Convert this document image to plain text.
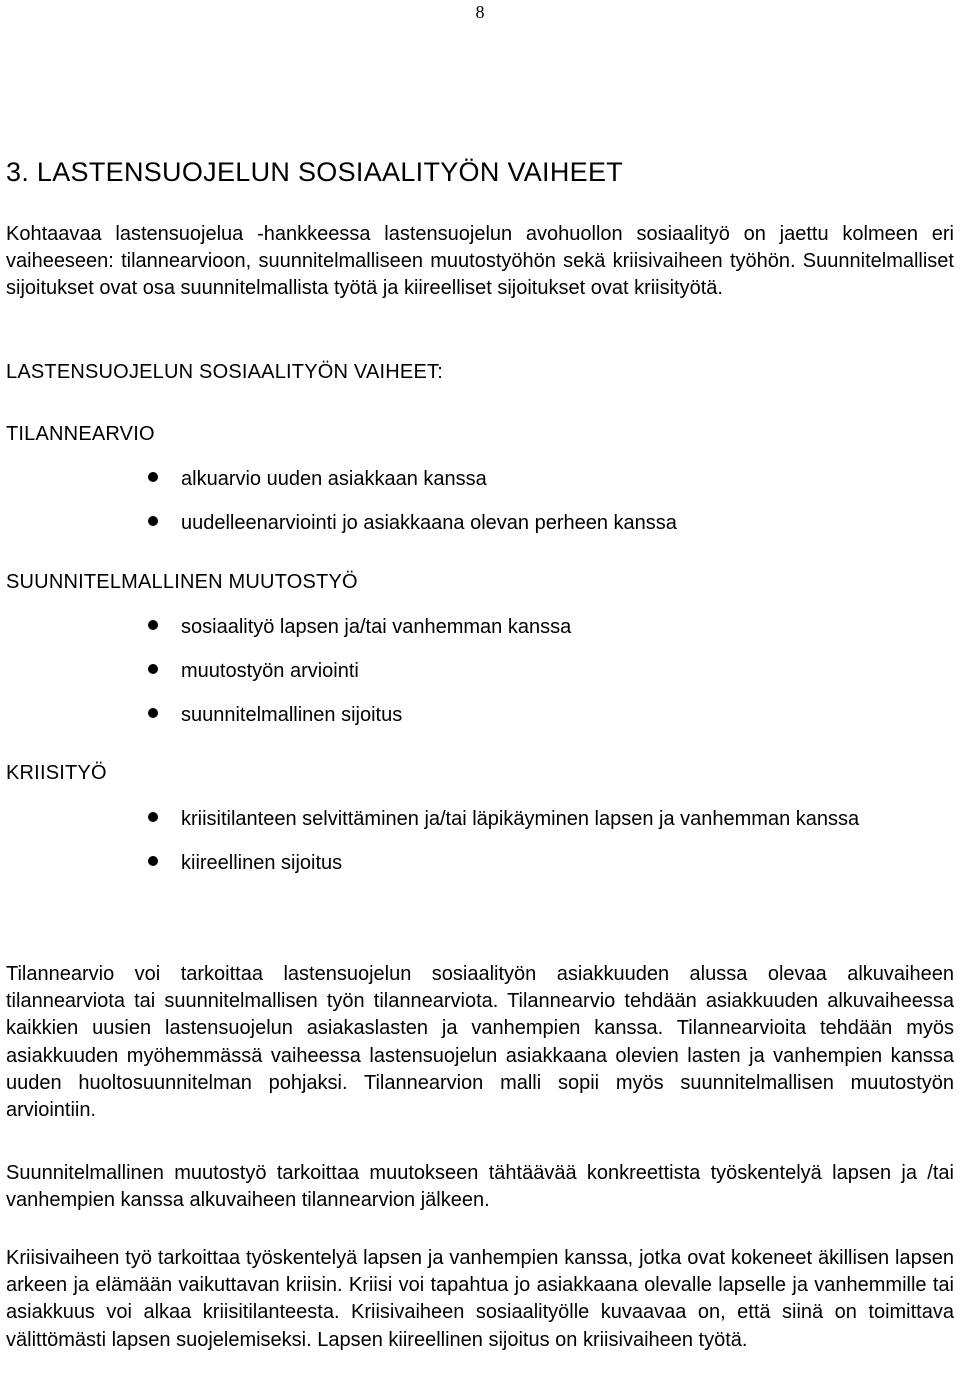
8
3. LASTENSUOJELUN SOSIAALITYÖN VAIHEET

Kohtaavaa lastensuojelua -hankkeessa lastensuojelun avohuollon sosiaalityö on jaettu kolmeen eri vaiheeseen: tilannearvioon, suunnitelmalliseen muutostyöhön sekä kriisivaiheen työhön. Suunnitelmalliset sijoitukset ovat osa suunnitelmallista työtä ja kiireelliset sijoitukset ovat kriisityötä.

LASTENSUOJELUN SOSIAALITYÖN VAIHEET:
TILANNEARVIO
alkuarvio uuden asiakkaan kanssa
uudelleenarviointi jo asiakkaana olevan perheen kanssa
SUUNNITELMALLINEN MUUTOSTYÖ
sosiaalityö lapsen ja/tai vanhemman kanssa
muutostyön arviointi
suunnitelmallinen sijoitus
KRIISITYÖ
kriisitilanteen selvittäminen ja/tai läpikäyminen lapsen ja vanhemman kanssa
kiireellinen sijoitus

Tilannearvio voi tarkoittaa lastensuojelun sosiaalityön asiakkuuden alussa olevaa alkuvaiheen tilannearviota tai suunnitelmallisen työn tilannearviota. Tilannearvio tehdään asiakkuuden alkuvaiheessa kaikkien uusien lastensuojelun asiakaslasten ja vanhempien kanssa. Tilannearvioita tehdään myös asiakkuuden myöhemmässä vaiheessa lastensuojelun asiakkaana olevien lasten ja vanhempien kanssa uuden huoltosuunnitelman pohjaksi. Tilannearvion malli sopii myös suunnitelmallisen muutostyön arviointiin.

Suunnitelmallinen muutostyö tarkoittaa muutokseen tähtäävää konkreettista työskentelyä lapsen ja /tai vanhempien kanssa alkuvaiheen tilannearvion jälkeen.

Kriisivaiheen työ tarkoittaa työskentelyä lapsen ja vanhempien kanssa, jotka ovat kokeneet äkillisen lapsen arkeen ja elämään vaikuttavan kriisin. Kriisi voi tapahtua jo asiakkaana olevalle lapselle ja vanhemmille tai asiakkuus voi alkaa kriisitilanteesta. Kriisivaiheen sosiaalityölle kuvaavaa on, että siinä on toimittava välittömästi lapsen suojelemiseksi. Lapsen kiireellinen sijoitus on kriisivaiheen työtä.
